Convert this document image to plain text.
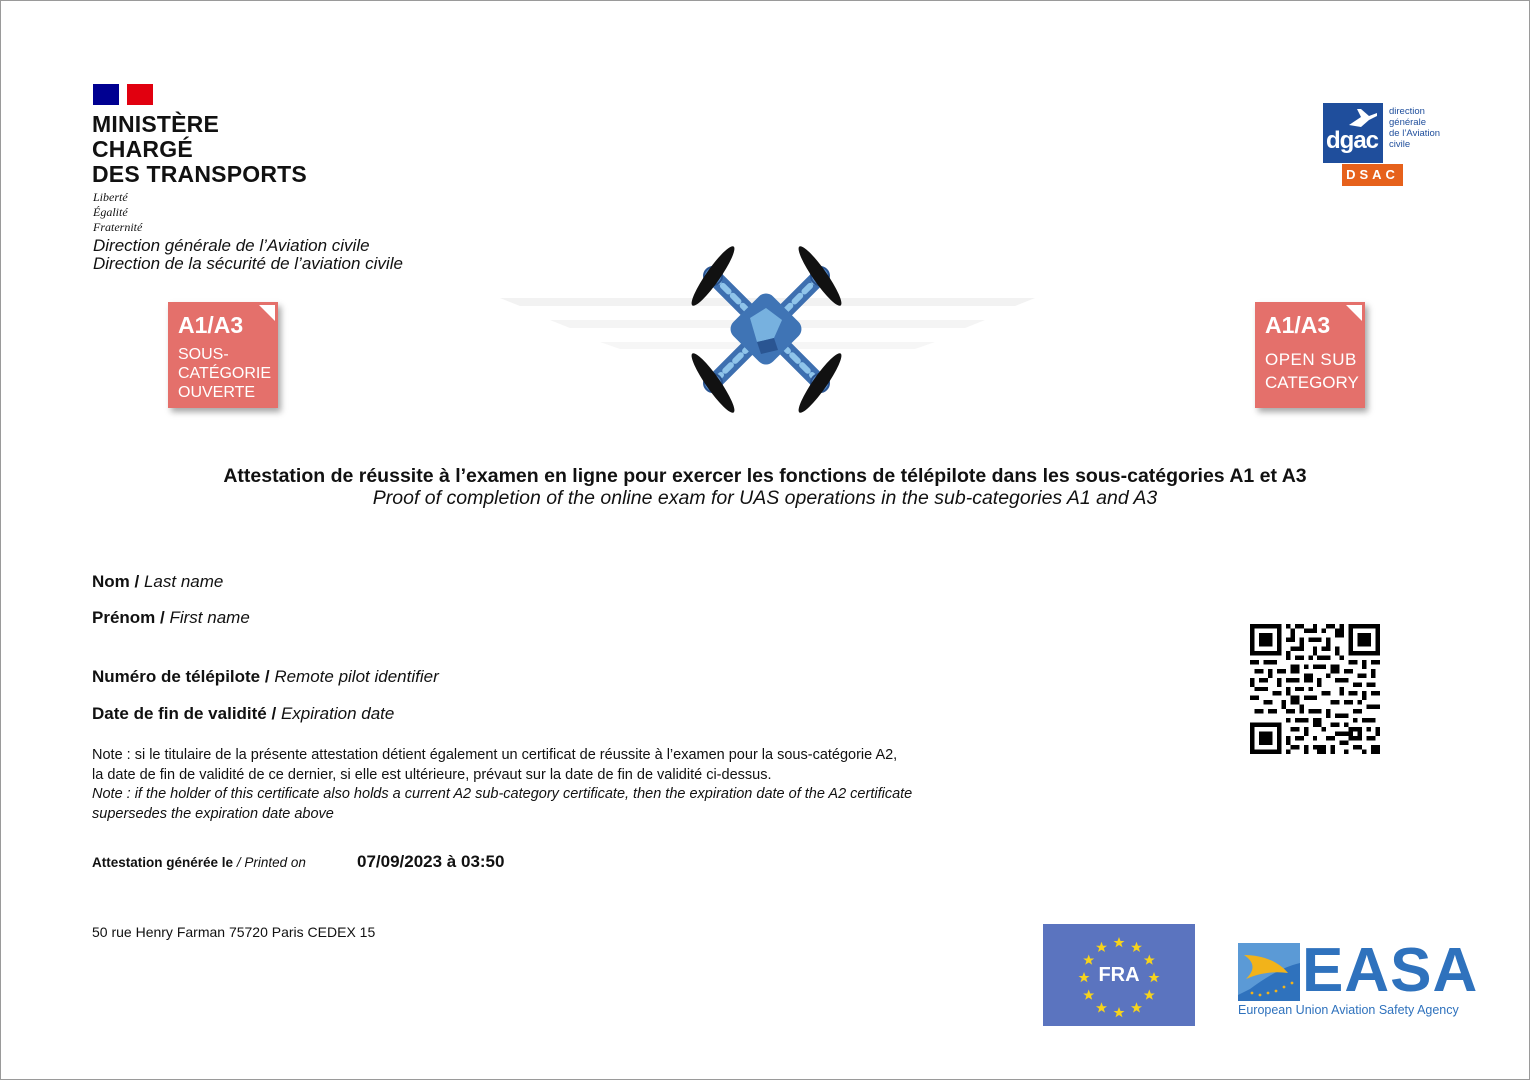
MINISTÈRE
CHARGÉ
DES TRANSPORTS
Liberté
Égalité
Fraternité
Direction générale de l’Aviation civile
Direction de la sécurité de l’aviation civile
dgac
direction
générale
de l’Aviation
civile
DSAC
A1/A3
SOUS-
CATÉGORIE
OUVERTE
A1/A3
OPEN SUB
CATEGORY
Attestation de réussite à l’examen en ligne pour exercer les fonctions de télépilote dans les sous-catégories A1 et A3
Proof of completion of the online exam for UAS operations in the sub-categories A1 and A3
Nom / Last name
Prénom / First name
Numéro de télépilote / Remote pilot identifier
Date de fin de validité / Expiration date
Note : si le titulaire de la présente attestation détient également un certificat de réussite à l’examen pour la sous-catégorie A2,
la date de fin de validité de ce dernier, si elle est ultérieure, prévaut sur la date de fin de validité ci-dessus.
Note : if the holder of this certificate also holds a current A2 sub-category certificate, then the expiration date of the A2 certificate
supersedes the expiration date above
Attestation générée le / Printed on	07/09/2023 à 03:50
50 rue Henry Farman 75720 Paris CEDEX 15
FRA	EASA
European Union Aviation Safety Agency
